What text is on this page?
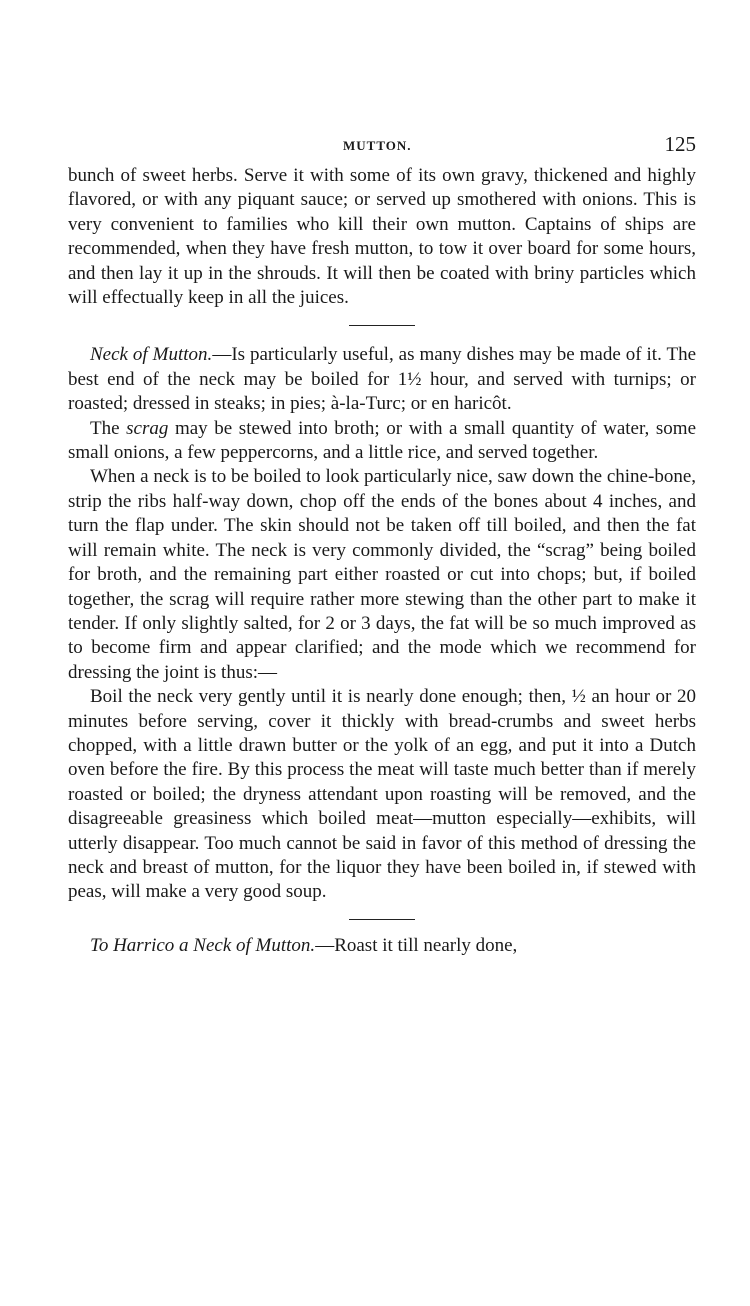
MUTTON.	125

bunch of sweet herbs. Serve it with some of its own gravy, thickened and highly flavored, or with any piquant sauce; or served up smothered with onions. This is very convenient to families who kill their own mutton. Captains of ships are recommended, when they have fresh mutton, to tow it over board for some hours, and then lay it up in the shrouds. It will then be coated with briny particles which will effectually keep in all the juices.

Neck of Mutton.—Is particularly useful, as many dishes may be made of it. The best end of the neck may be boiled for 1½ hour, and served with turnips; or roasted; dressed in steaks; in pies; à-la-Turc; or en haricôt.

The scrag may be stewed into broth; or with a small quantity of water, some small onions, a few peppercorns, and a little rice, and served together.

When a neck is to be boiled to look particularly nice, saw down the chine-bone, strip the ribs half-way down, chop off the ends of the bones about 4 inches, and turn the flap under. The skin should not be taken off till boiled, and then the fat will remain white. The neck is very commonly divided, the “scrag” being boiled for broth, and the remaining part either roasted or cut into chops; but, if boiled together, the scrag will require rather more stewing than the other part to make it tender. If only slightly salted, for 2 or 3 days, the fat will be so much improved as to become firm and appear clarified; and the mode which we recommend for dressing the joint is thus:—

Boil the neck very gently until it is nearly done enough; then, ½ an hour or 20 minutes before serving, cover it thickly with bread-crumbs and sweet herbs chopped, with a little drawn butter or the yolk of an egg, and put it into a Dutch oven before the fire. By this process the meat will taste much better than if merely roasted or boiled; the dryness attendant upon roasting will be removed, and the disagreeable greasiness which boiled meat—mutton especially—exhibits, will utterly disappear. Too much cannot be said in favor of this method of dressing the neck and breast of mutton, for the liquor they have been boiled in, if stewed with peas, will make a very good soup.

To Harrico a Neck of Mutton.—Roast it till nearly done,
